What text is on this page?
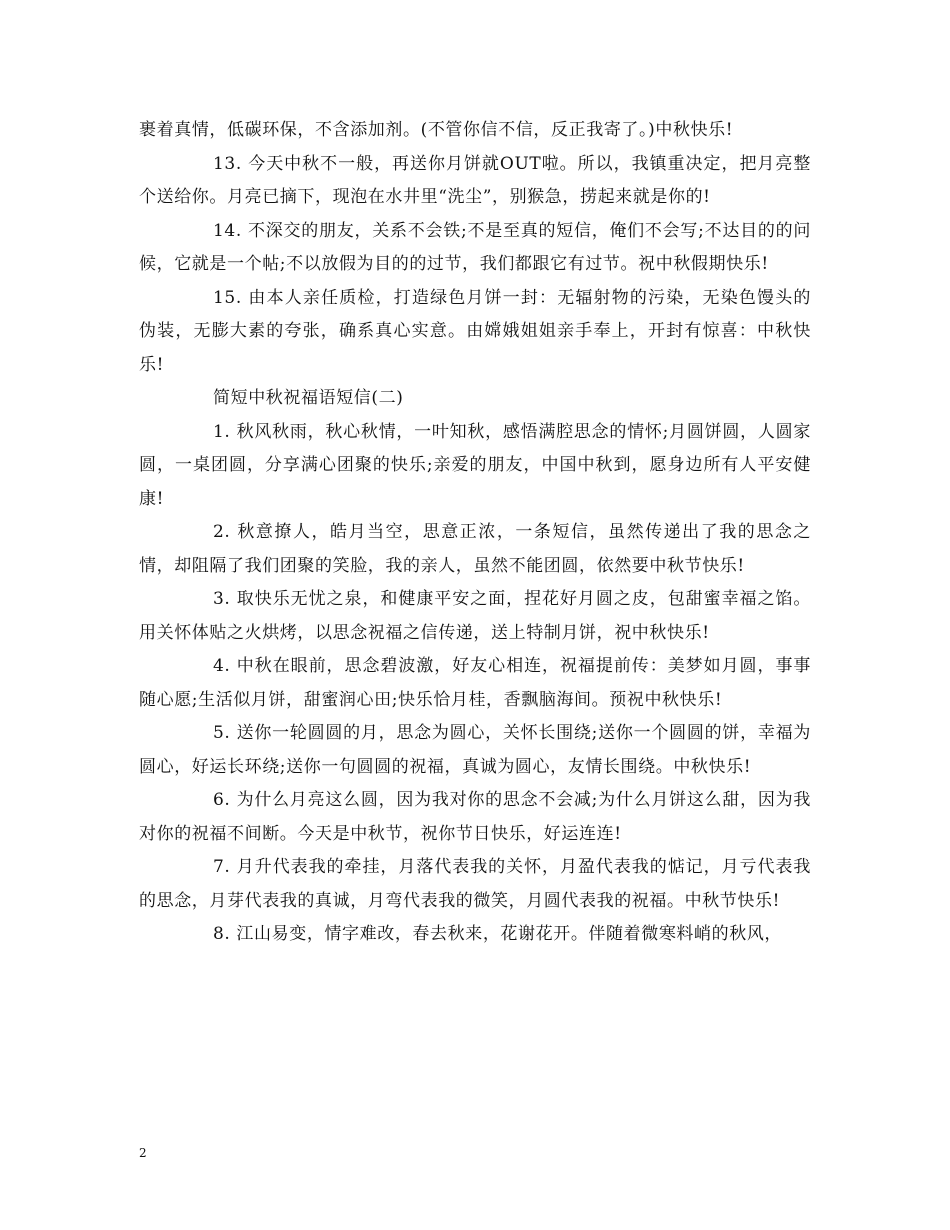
裹着真情，低碳环保，不含添加剂。(不管你信不信，反正我寄了。)中秋快乐!

13. 今天中秋不一般，再送你月饼就OUT啦。所以，我镇重决定，把月亮整个送给你。月亮已摘下，现泡在水井里“洗尘”，别猴急，捞起来就是你的!

14. 不深交的朋友，关系不会铁;不是至真的短信，俺们不会写;不达目的的问候，它就是一个帖;不以放假为目的的过节，我们都跟它有过节。祝中秋假期快乐!

15. 由本人亲任质检，打造绿色月饼一封：无辐射物的污染，无染色馒头的伪装，无膨大素的夸张，确系真心实意。由嫦娥姐姐亲手奉上，开封有惊喜：中秋快乐!

简短中秋祝福语短信(二)

1. 秋风秋雨，秋心秋情，一叶知秋，感悟满腔思念的情怀;月圆饼圆，人圆家圆，一桌团圆，分享满心团聚的快乐;亲爱的朋友，中国中秋到，愿身边所有人平安健康!

2. 秋意撩人，皓月当空，思意正浓，一条短信，虽然传递出了我的思念之情，却阻隔了我们团聚的笑脸，我的亲人，虽然不能团圆，依然要中秋节快乐!

3. 取快乐无忧之泉，和健康平安之面，捏花好月圆之皮，包甜蜜幸福之馅。用关怀体贴之火烘烤，以思念祝福之信传递，送上特制月饼，祝中秋快乐!

4. 中秋在眼前，思念碧波激，好友心相连，祝福提前传：美梦如月圆，事事随心愿;生活似月饼，甜蜜润心田;快乐恰月桂，香飘脑海间。预祝中秋快乐!

5. 送你一轮圆圆的月，思念为圆心，关怀长围绕;送你一个圆圆的饼，幸福为圆心，好运长环绕;送你一句圆圆的祝福，真诚为圆心，友情长围绕。中秋快乐!

6. 为什么月亮这么圆，因为我对你的思念不会减;为什么月饼这么甜，因为我对你的祝福不间断。今天是中秋节，祝你节日快乐，好运连连!

7. 月升代表我的牵挂，月落代表我的关怀，月盈代表我的惦记，月亏代表我的思念，月芽代表我的真诚，月弯代表我的微笑，月圆代表我的祝福。中秋节快乐!

8. 江山易变，情字难改，春去秋来，花谢花开。伴随着微寒料峭的秋风，

2
